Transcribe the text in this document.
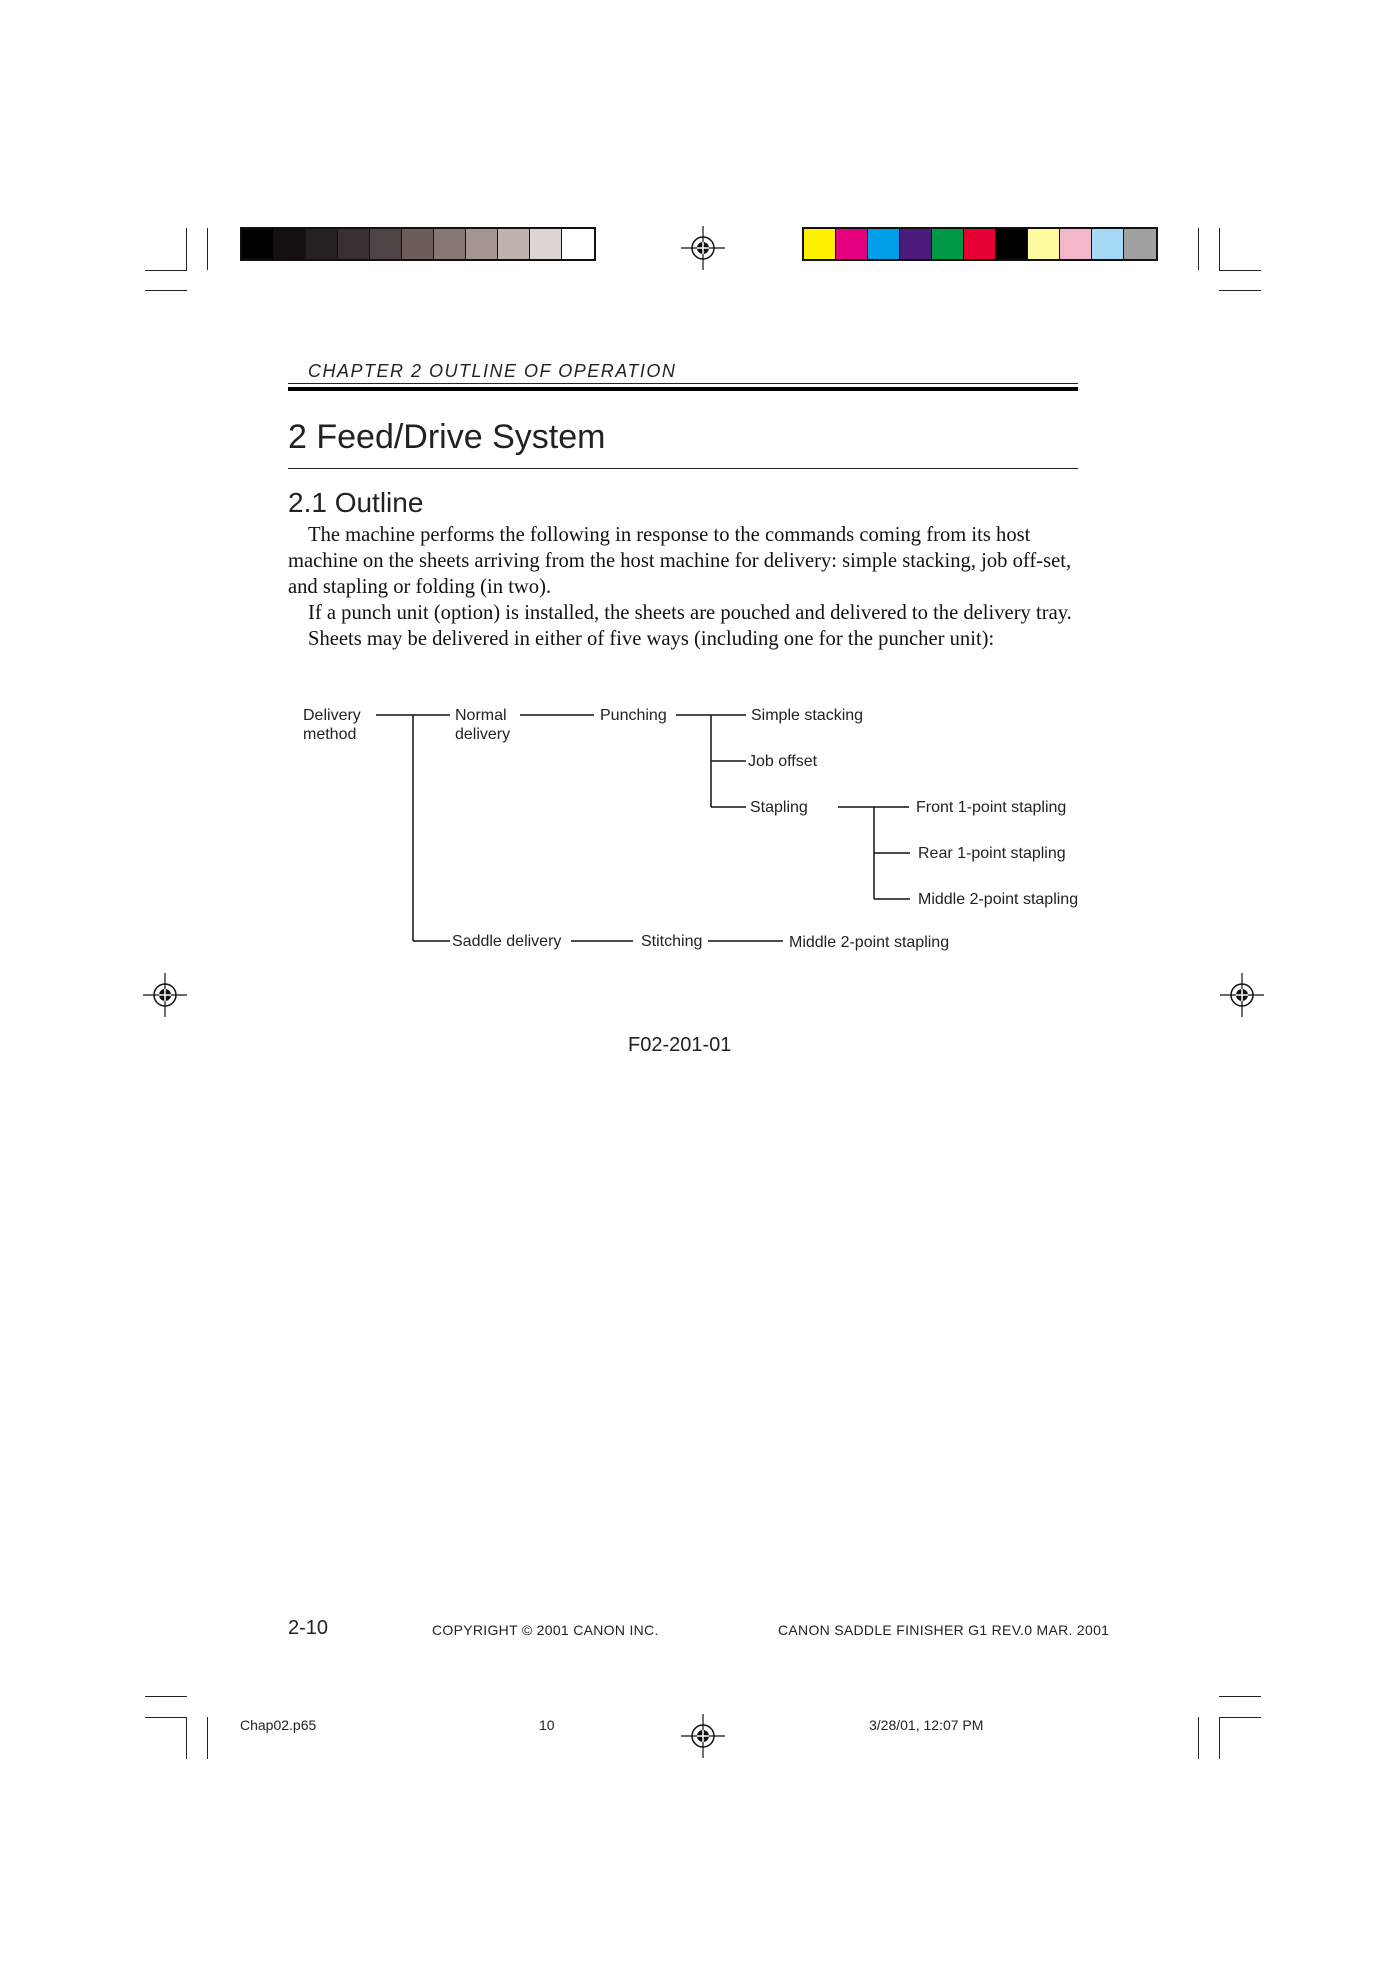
CHAPTER 2 OUTLINE OF OPERATION
2 Feed/Drive System
2.1 Outline

The machine performs the following in response to the commands coming from its host machine on the sheets arriving from the host machine for delivery: simple stacking, job off-set, and stapling or folding (in two).

If a punch unit (option) is installed, the sheets are pouched and delivered to the delivery tray.

Sheets may be delivered in either of five ways (including one for the puncher unit):

Delivery
method
Normal
delivery
Punching	Simple stacking
Job offset
Stapling	Front 1-point stapling
Rear 1-point stapling
Middle 2-point stapling
Saddle delivery	Stitching	Middle 2-point stapling
F02-201-01
2-10	COPYRIGHT © 2001 CANON INC.	CANON SADDLE FINISHER G1 REV.0 MAR. 2001
Chap02.p65	10	3/28/01, 12:07 PM
